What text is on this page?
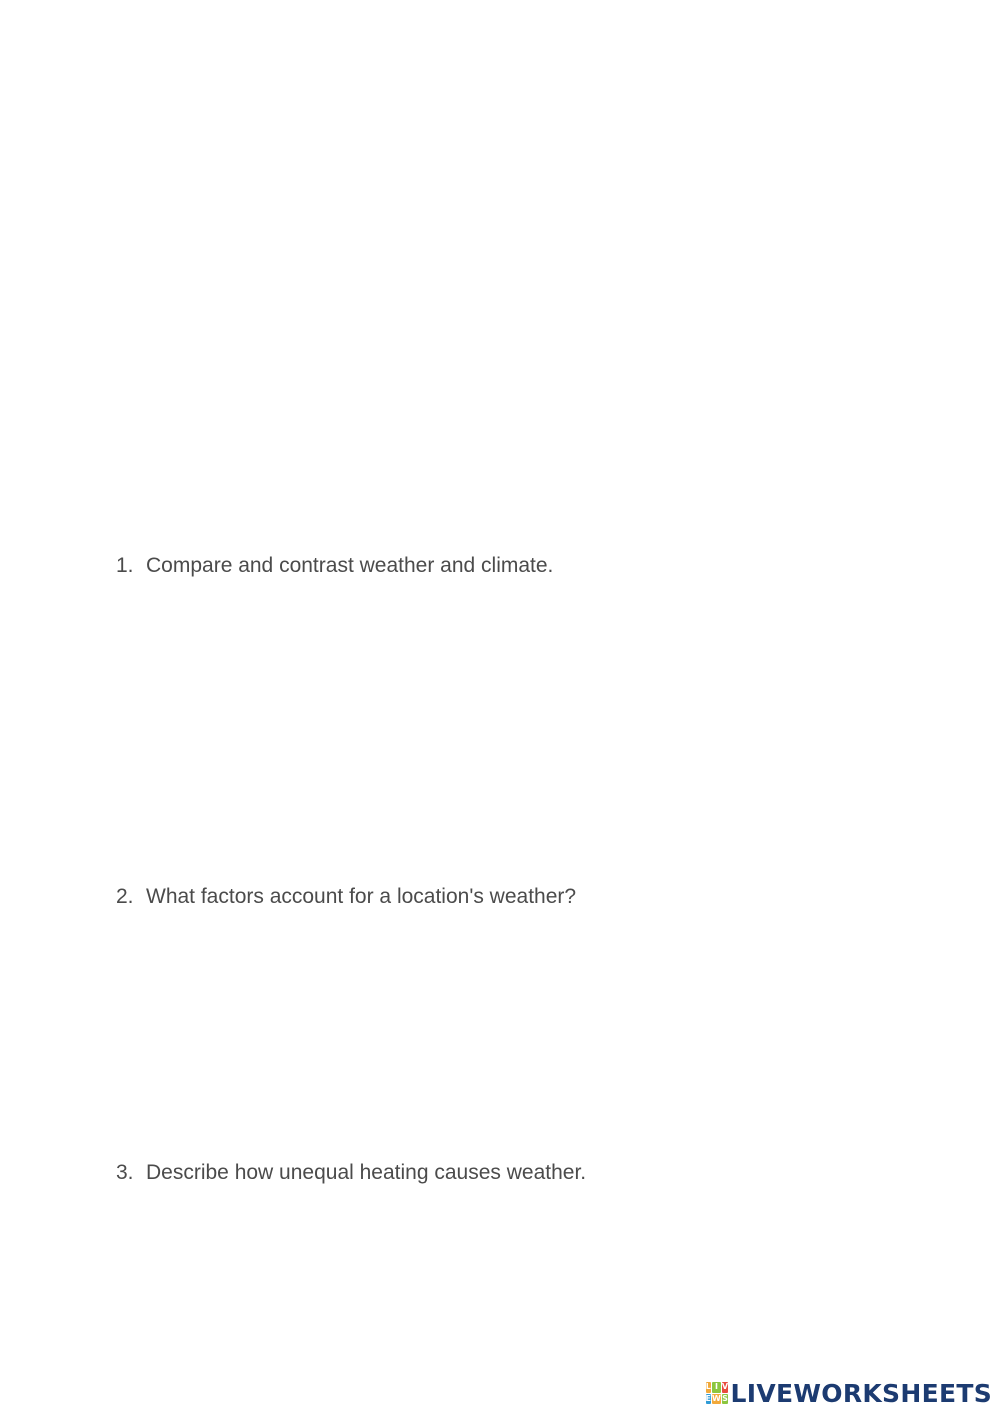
1. Compare and contrast weather and climate.
2. What factors account for a location's weather?
3. Describe how unequal heating causes weather.
L I V
E W S LIVEWORKSHEETS
